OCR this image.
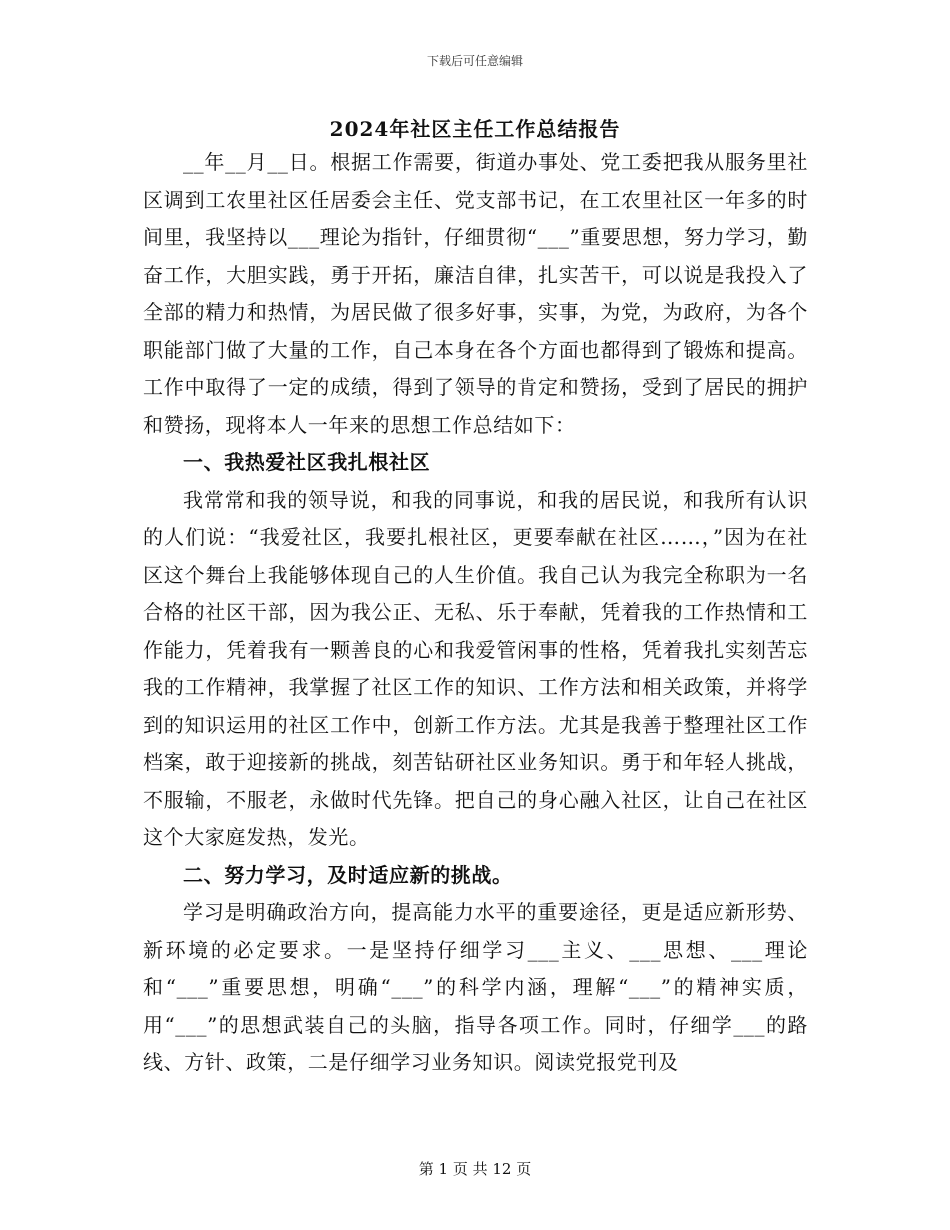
下载后可任意编辑
2024年社区主任工作总结报告

__年__月__日。根据工作需要，街道办事处、党工委把我从服务里社区调到工农里社区任居委会主任、党支部书记，在工农里社区一年多的时间里，我坚持以___理论为指针，仔细贯彻“___”重要思想，努力学习，勤奋工作，大胆实践，勇于开拓，廉洁自律，扎实苦干，可以说是我投入了全部的精力和热情，为居民做了很多好事，实事，为党，为政府，为各个职能部门做了大量的工作，自己本身在各个方面也都得到了锻炼和提高。工作中取得了一定的成绩，得到了领导的肯定和赞扬，受到了居民的拥护和赞扬，现将本人一年来的思想工作总结如下：

一、我热爱社区我扎根社区

我常常和我的领导说，和我的同事说，和我的居民说，和我所有认识的人们说：“我爱社区，我要扎根社区，更要奉献在社区……，”因为在社区这个舞台上我能够体现自己的人生价值。我自己认为我完全称职为一名合格的社区干部，因为我公正、无私、乐于奉献，凭着我的工作热情和工作能力，凭着我有一颗善良的心和我爱管闲事的性格，凭着我扎实刻苦忘我的工作精神，我掌握了社区工作的知识、工作方法和相关政策，并将学到的知识运用的社区工作中，创新工作方法。尤其是我善于整理社区工作档案，敢于迎接新的挑战，刻苦钻研社区业务知识。勇于和年轻人挑战，不服输，不服老，永做时代先锋。把自己的身心融入社区，让自己在社区这个大家庭发热，发光。

二、努力学习，及时适应新的挑战。

学习是明确政治方向，提高能力水平的重要途径，更是适应新形势、新环境的必定要求。一是坚持仔细学习___主义、___思想、___理论和“___”重要思想，明确“___”的科学内涵，理解“___”的精神实质，用“___”的思想武装自己的头脑，指导各项工作。同时，仔细学___的路线、方针、政策，二是仔细学习业务知识。阅读党报党刊及

第 1 页 共 12 页
